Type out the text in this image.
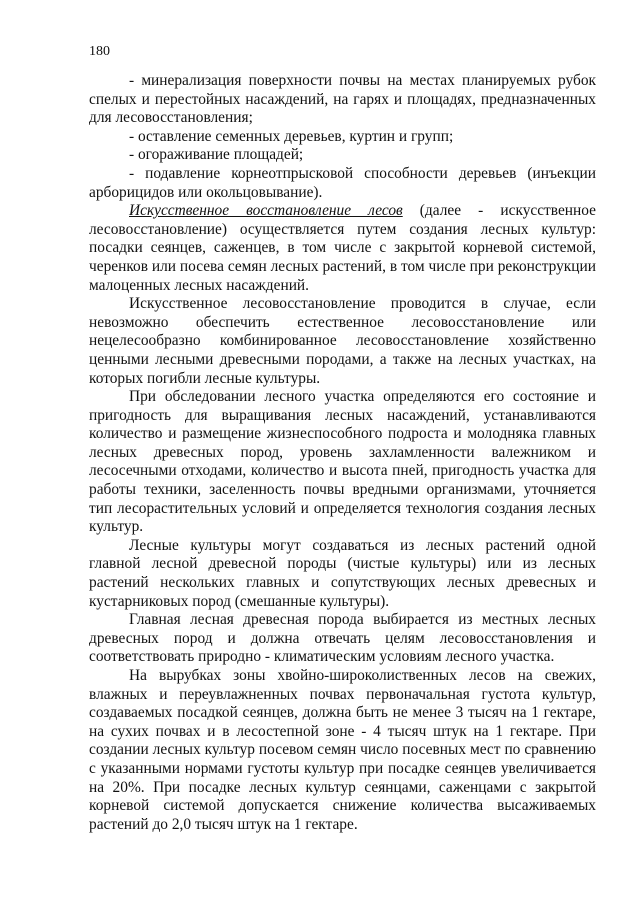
180

- минерализация поверхности почвы на местах планируемых рубок спелых и перестойных насаждений, на гарях и площадях, предназначенных для лесовосстановления;

- оставление семенных деревьев, куртин и групп;

- огораживание площадей;

- подавление корнеотпрысковой способности деревьев (инъекции арборицидов или окольцовывание).

Искусственное восстановление лесов (далее - искусственное лесовосстановление) осуществляется путем создания лесных культур: посадки сеянцев, саженцев, в том числе с закрытой корневой системой, черенков или посева семян лесных растений, в том числе при реконструкции малоценных лесных насаждений.

Искусственное лесовосстановление проводится в случае, если невозможно обеспечить естественное лесовосстановление или нецелесообразно комбинированное лесовосстановление хозяйственно ценными лесными древесными породами, а также на лесных участках, на которых погибли лесные культуры.

При обследовании лесного участка определяются его состояние и пригодность для выращивания лесных насаждений, устанавливаются количество и размещение жизнеспособного подроста и молодняка главных лесных древесных пород, уровень захламленности валежником и лесосечными отходами, количество и высота пней, пригодность участка для работы техники, заселенность почвы вредными организмами, уточняется тип лесорастительных условий и определяется технология создания лесных культур.

Лесные культуры могут создаваться из лесных растений одной главной лесной древесной породы (чистые культуры) или из лесных растений нескольких главных и сопутствующих лесных древесных и кустарниковых пород (смешанные культуры).

Главная лесная древесная порода выбирается из местных лесных древесных пород и должна отвечать целям лесовосстановления и соответствовать природно - климатическим условиям лесного участка.

На вырубках зоны хвойно-широколиственных лесов на свежих, влажных и переувлажненных почвах первоначальная густота культур, создаваемых посадкой сеянцев, должна быть не менее 3 тысяч на 1 гектаре, на сухих почвах и в лесостепной зоне - 4 тысяч штук на 1 гектаре. При создании лесных культур посевом семян число посевных мест по сравнению с указанными нормами густоты культур при посадке сеянцев увеличивается на 20%. При посадке лесных культур сеянцами, саженцами с закрытой корневой системой допускается снижение количества высаживаемых растений до 2,0 тысяч штук на 1 гектаре.
